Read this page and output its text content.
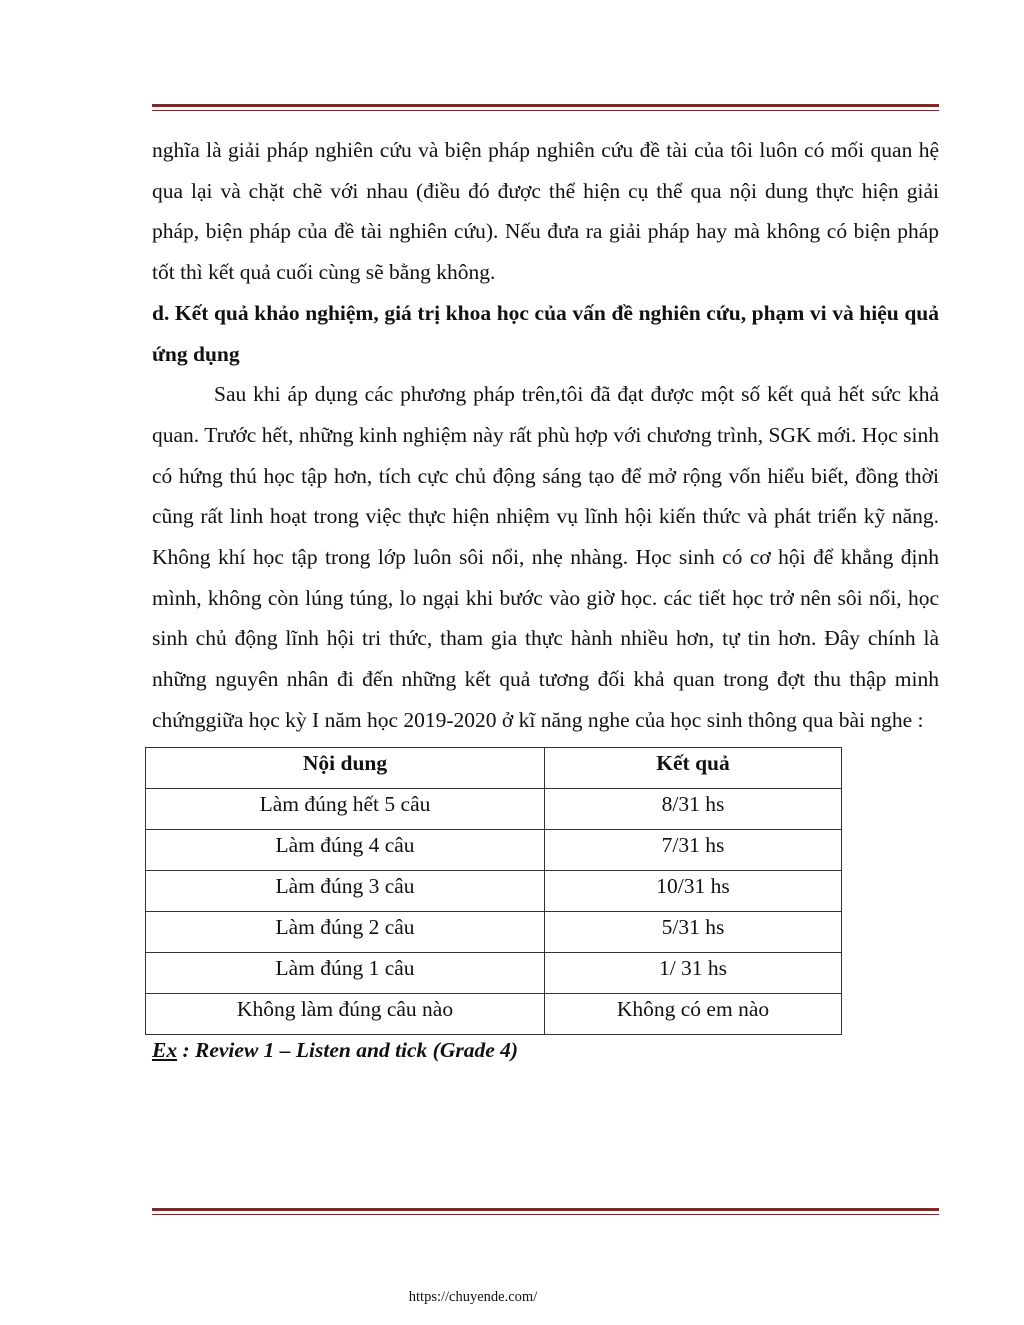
nghĩa là giải pháp nghiên cứu và biện pháp nghiên cứu đề tài của tôi luôn có mối quan hệ qua lại và chặt chẽ với nhau (điều đó được thể hiện cụ thể qua nội dung thực hiện giải pháp, biện pháp của đề tài nghiên cứu). Nếu đưa ra giải pháp hay mà không có biện pháp tốt thì kết quả cuối cùng sẽ bằng không.

d. Kết quả khảo nghiệm, giá trị khoa học của vấn đề nghiên cứu, phạm vi và hiệu quả ứng dụng

Sau khi áp dụng các phương pháp trên,tôi đã đạt được một số kết quả hết sức khả quan. Trước hết, những kinh nghiệm này rất phù hợp với chương trình, SGK mới. Học sinh có hứng thú học tập hơn, tích cực chủ động sáng tạo để mở rộng vốn hiểu biết, đồng thời cũng rất linh hoạt trong việc thực hiện nhiệm vụ lĩnh hội kiến thức và phát triển kỹ năng. Không khí học tập trong lớp luôn sôi nổi, nhẹ nhàng. Học sinh có cơ hội để khẳng định mình, không còn lúng túng, lo ngại khi bước vào giờ học. các tiết học trở nên sôi nổi, học sinh chủ động lĩnh hội tri thức, tham gia thực hành nhiều hơn, tự tin hơn. Đây chính là những nguyên nhân đi đến những kết quả tương đối khả quan trong đợt thu thập minh chứnggiữa học kỳ I năm học 2019-2020 ở kĩ năng nghe của học sinh thông qua bài nghe :

Nội dung	Kết quả
Làm đúng hết 5 câu	8/31 hs
Làm đúng 4 câu	7/31 hs
Làm đúng 3 câu	10/31 hs
Làm đúng 2 câu	5/31 hs
Làm đúng 1 câu	1/ 31 hs
Không làm đúng câu nào	Không có em nào

Ex : Review 1 – Listen and tick (Grade 4)

https://chuyende.com/
